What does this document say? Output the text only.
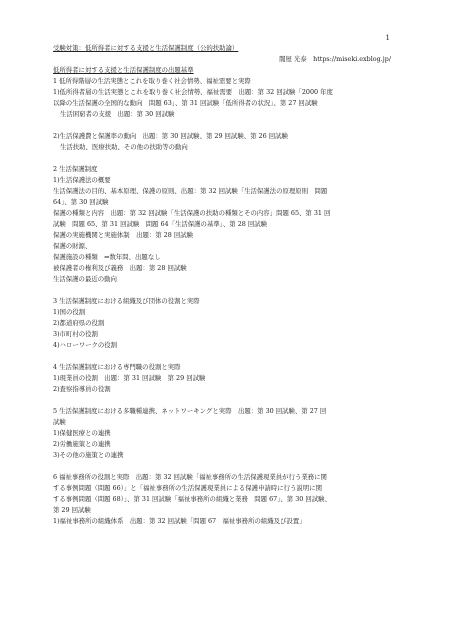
1
受験対策：低所得者に対する支援と生活保護制度（公的扶助論）
闇屋 光泰　https://miseki.exblog.jp/
低所得者に対する支援と生活保護制度の出題基準
1 低所得階層の生活実態とこれを取り巻く社会情勢、福祉需要と実際
1)低所得者層の生活実態とこれを取り巻く社会情勢、福祉需要　出題：第 32 回試験「2000 年度
以降の生活保護の全国的な動向　問題 63」、第 31 回試験「低所得者の状況」、第 27 回試験
生活困窮者の支援　出題：第 30 回試験
2)生活保護費と保護率の動向　出題：第 30 回試験、第 29 回試験、第 26 回試験
生活扶助、医療扶助、その他の扶助等の動向
2 生活保護制度
1)生活保護法の概要
生活保護法の目的、基本原理、保護の原則、出題：第 32 回試験「生活保護法の原理原則　問題
64」、第 30 回試験
保護の種類と内容　出題：第 32 回試験「生活保護の扶助の種類とその内容」問題 65、第 31 回
試験　問題 65、第 31 回試験　問題 64「生活保護の基準」、第 28 回試験
保護の実施機関と実施体制　出題：第 28 回試験
保護の財源、
保護施設の種類　⇒数年問、出題なし
被保護者の権利及び義務　出題：第 28 回試験
生活保護の最近の動向
3 生活保護制度における組織及び団体の役割と実際
1)国の役割
2)都道府県の役割
3)市町村の役割
4)ハローワークの役割
4 生活保護制度における専門職の役割と実際
1)現業員の役割　出題：第 31 回試験　第 29 回試験
2)査察指導員の役割
5 生活保護制度における多職種連携、ネットワーキングと実際　出題：第 30 回試験、第 27 回
試験
1)保健医療との連携
2)労働施策との連携
3)その他の施策との連携
6 福祉事務所の役割と実際　出題：第 32 回試験「福祉事務所の生活保護現業員が行う業務に関
する事例問題（問題 66）」と「福祉事務所の生活保護現業員による保護申請時に行う説明に関
する事例問題（問題 68）」、第 31 回試験「福祉事務所の組織と業務　問題 67」、第 30 回試験、
第 29 回試験
1)福祉事務所の組織体系　出題：第 32 回試験「問題 67　福祉事務所の組織及び設置」
